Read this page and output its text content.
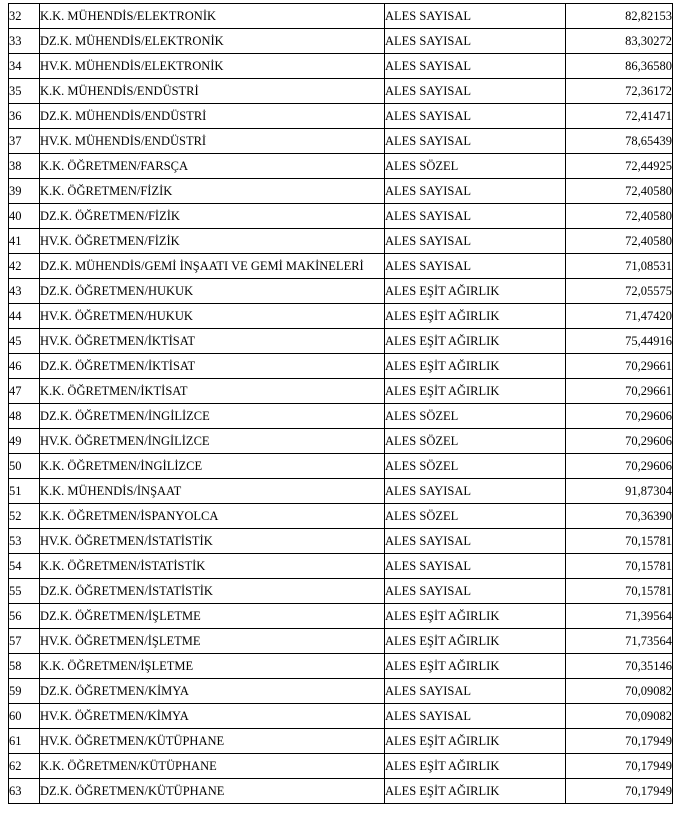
32	K.K. MÜHENDİS/ELEKTRONİK	ALES SAYISAL	82,82153
33	DZ.K. MÜHENDİS/ELEKTRONİK	ALES SAYISAL	83,30272
34	HV.K. MÜHENDİS/ELEKTRONİK	ALES SAYISAL	86,36580
35	K.K. MÜHENDİS/ENDÜSTRİ	ALES SAYISAL	72,36172
36	DZ.K. MÜHENDİS/ENDÜSTRİ	ALES SAYISAL	72,41471
37	HV.K. MÜHENDİS/ENDÜSTRİ	ALES SAYISAL	78,65439
38	K.K. ÖĞRETMEN/FARSÇA	ALES SÖZEL	72,44925
39	K.K. ÖĞRETMEN/FİZİK	ALES SAYISAL	72,40580
40	DZ.K. ÖĞRETMEN/FİZİK	ALES SAYISAL	72,40580
41	HV.K. ÖĞRETMEN/FİZİK	ALES SAYISAL	72,40580
42	DZ.K. MÜHENDİS/GEMİ İNŞAATI VE GEMİ MAKİNELERİ	ALES SAYISAL	71,08531
43	DZ.K. ÖĞRETMEN/HUKUK	ALES EŞİT AĞIRLIK	72,05575
44	HV.K. ÖĞRETMEN/HUKUK	ALES EŞİT AĞIRLIK	71,47420
45	HV.K. ÖĞRETMEN/İKTİSAT	ALES EŞİT AĞIRLIK	75,44916
46	DZ.K. ÖĞRETMEN/İKTİSAT	ALES EŞİT AĞIRLIK	70,29661
47	K.K. ÖĞRETMEN/İKTİSAT	ALES EŞİT AĞIRLIK	70,29661
48	DZ.K. ÖĞRETMEN/İNGİLİZCE	ALES SÖZEL	70,29606
49	HV.K. ÖĞRETMEN/İNGİLİZCE	ALES SÖZEL	70,29606
50	K.K. ÖĞRETMEN/İNGİLİZCE	ALES SÖZEL	70,29606
51	K.K. MÜHENDİS/İNŞAAT	ALES SAYISAL	91,87304
52	K.K. ÖĞRETMEN/İSPANYOLCA	ALES SÖZEL	70,36390
53	HV.K. ÖĞRETMEN/İSTATİSTİK	ALES SAYISAL	70,15781
54	K.K. ÖĞRETMEN/İSTATİSTİK	ALES SAYISAL	70,15781
55	DZ.K. ÖĞRETMEN/İSTATİSTİK	ALES SAYISAL	70,15781
56	DZ.K. ÖĞRETMEN/İŞLETME	ALES EŞİT AĞIRLIK	71,39564
57	HV.K. ÖĞRETMEN/İŞLETME	ALES EŞİT AĞIRLIK	71,73564
58	K.K. ÖĞRETMEN/İŞLETME	ALES EŞİT AĞIRLIK	70,35146
59	DZ.K. ÖĞRETMEN/KİMYA	ALES SAYISAL	70,09082
60	HV.K. ÖĞRETMEN/KİMYA	ALES SAYISAL	70,09082
61	HV.K. ÖĞRETMEN/KÜTÜPHANE	ALES EŞİT AĞIRLIK	70,17949
62	K.K. ÖĞRETMEN/KÜTÜPHANE	ALES EŞİT AĞIRLIK	70,17949
63	DZ.K. ÖĞRETMEN/KÜTÜPHANE	ALES EŞİT AĞIRLIK	70,17949
